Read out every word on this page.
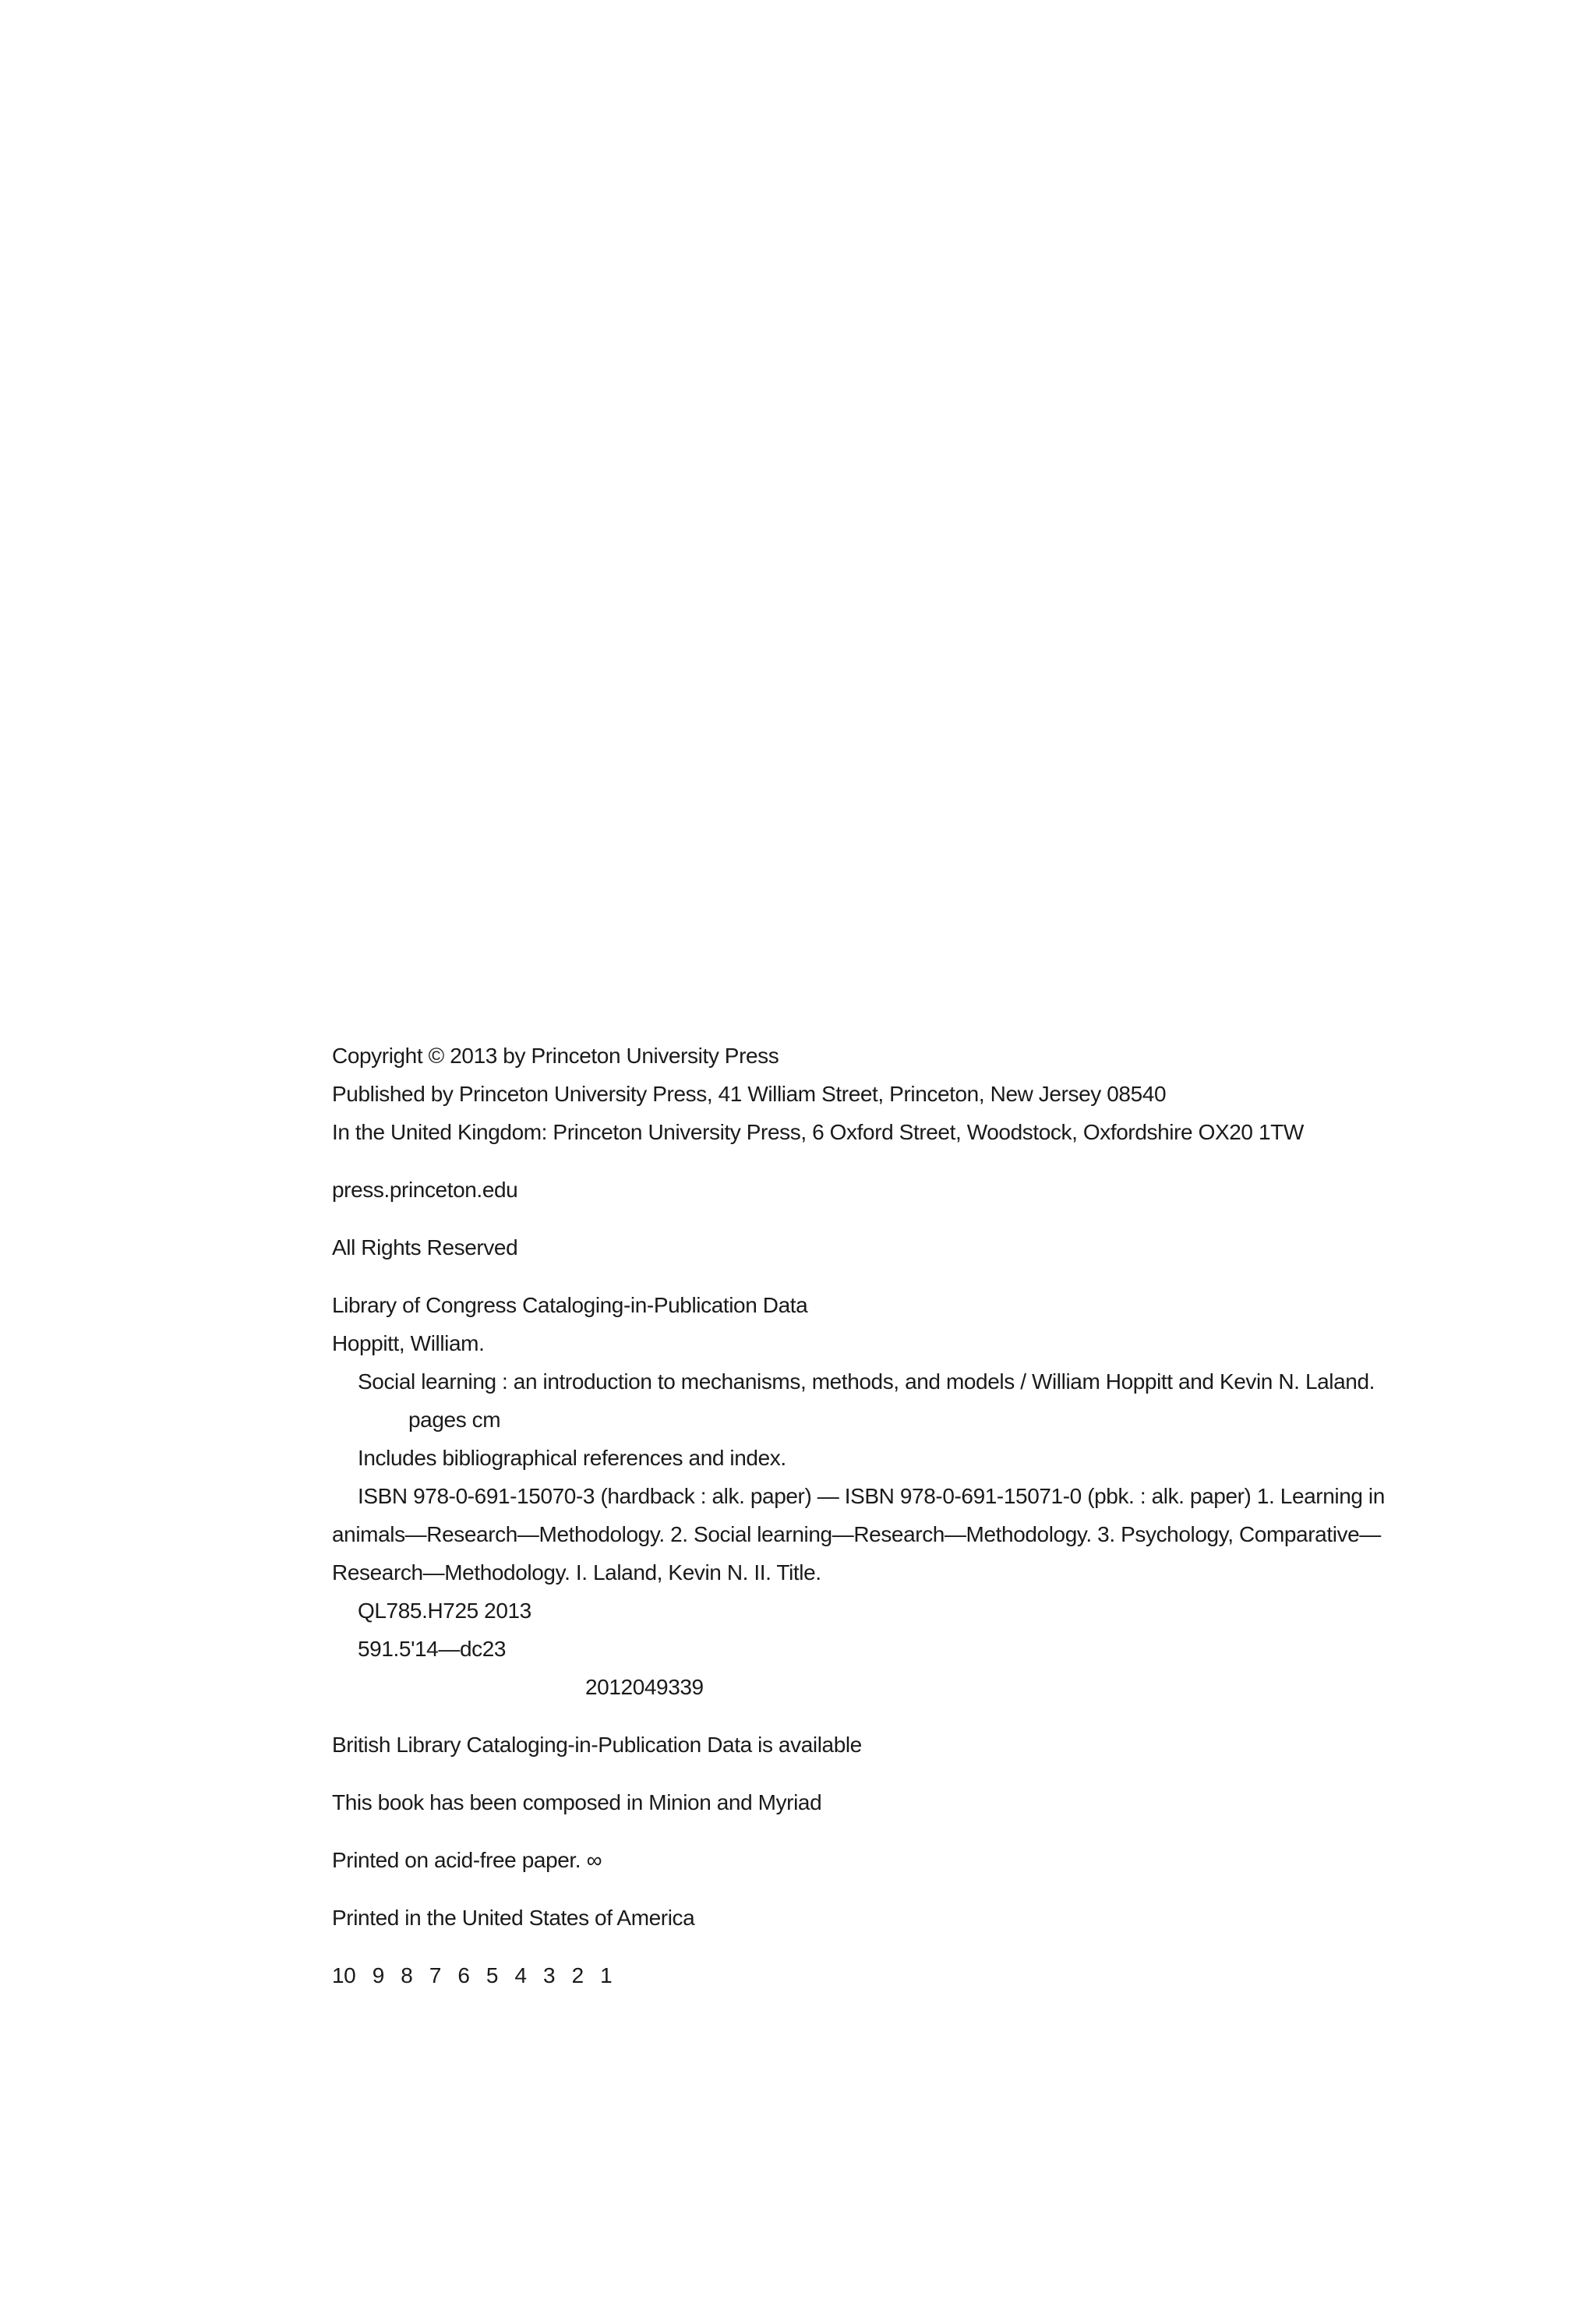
Copyright © 2013 by Princeton University Press
Published by Princeton University Press, 41 William Street, Princeton, New Jersey 08540
In the United Kingdom: Princeton University Press, 6 Oxford Street, Woodstock, Oxfordshire OX20 1TW
press.princeton.edu
All Rights Reserved
Library of Congress Cataloging-in-Publication Data
Hoppitt, William.
Social learning : an introduction to mechanisms, methods, and models / William Hoppitt and Kevin N. Laland.
pages cm
Includes bibliographical references and index.
ISBN 978-0-691-15070-3 (hardback : alk. paper) — ISBN 978-0-691-15071-0 (pbk. : alk. paper) 1. Learning in
animals—Research—Methodology. 2. Social learning—Research—Methodology. 3. Psychology, Comparative—
Research—Methodology. I. Laland, Kevin N. II. Title.
QL785.H725 2013
591.5'14—dc23
2012049339
British Library Cataloging-in-Publication Data is available
This book has been composed in Minion and Myriad
Printed on acid-free paper. ∞
Printed in the United States of America
10 9 8 7 6 5 4 3 2 1
